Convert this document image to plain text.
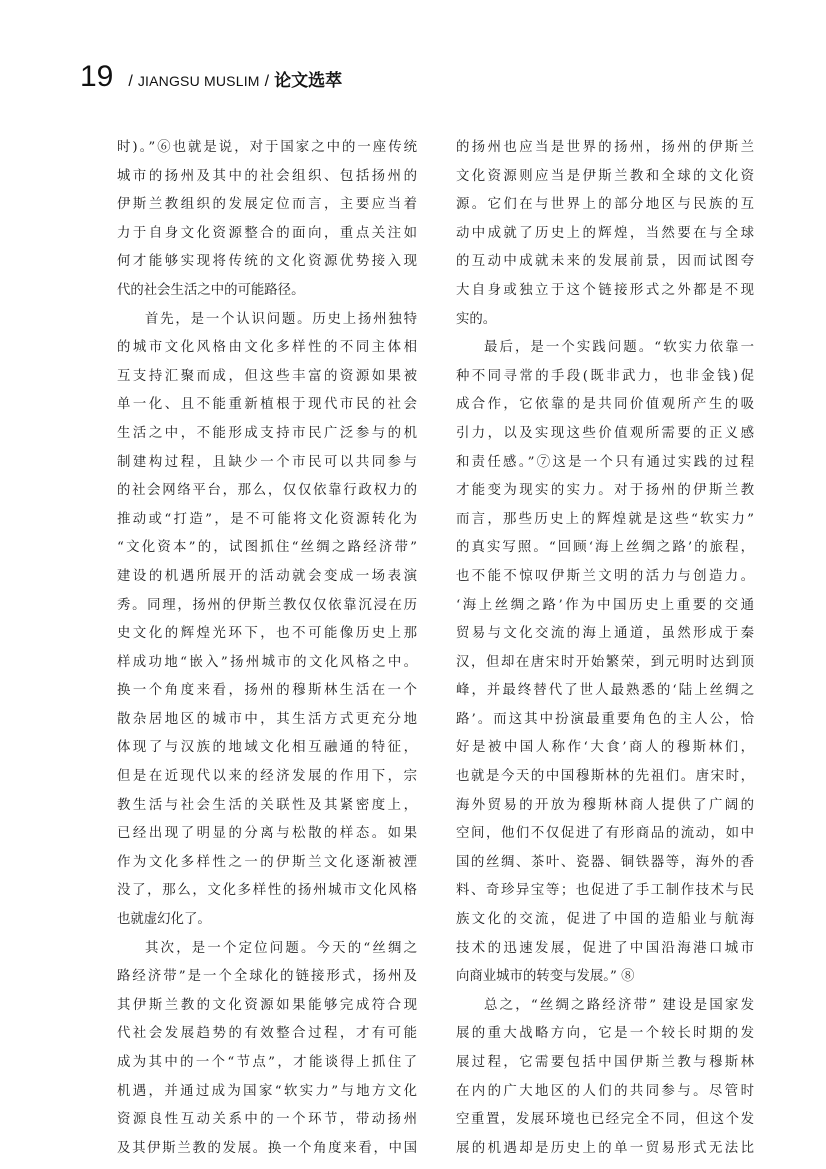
19 / JIANGSU MUSLIM / 论文选萃
时)。”⑥也就是说，对于国家之中的一座传统
城市的扬州及其中的社会组织、包括扬州的
伊斯兰教组织的发展定位而言，主要应当着
力于自身文化资源整合的面向，重点关注如
何才能够实现将传统的文化资源优势接入现
代的社会生活之中的可能路径。
首先，是一个认识问题。历史上扬州独特
的城市文化风格由文化多样性的不同主体相
互支持汇聚而成，但这些丰富的资源如果被
单一化、且不能重新植根于现代市民的社会
生活之中，不能形成支持市民广泛参与的机
制建构过程，且缺少一个市民可以共同参与
的社会网络平台，那么，仅仅依靠行政权力的
推动或“打造”，是不可能将文化资源转化为
“文化资本”的，试图抓住“丝绸之路经济带”
建设的机遇所展开的活动就会变成一场表演
秀。同理，扬州的伊斯兰教仅仅依靠沉浸在历
史文化的辉煌光环下，也不可能像历史上那
样成功地“嵌入”扬州城市的文化风格之中。
换一个角度来看，扬州的穆斯林生活在一个
散杂居地区的城市中，其生活方式更充分地
体现了与汉族的地域文化相互融通的特征，
但是在近现代以来的经济发展的作用下，宗
教生活与社会生活的关联性及其紧密度上，
已经出现了明显的分离与松散的样态。如果
作为文化多样性之一的伊斯兰文化逐渐被湮
没了，那么，文化多样性的扬州城市文化风格
也就虚幻化了。
其次，是一个定位问题。今天的“丝绸之
路经济带”是一个全球化的链接形式，扬州及
其伊斯兰教的文化资源如果能够完成符合现
代社会发展趋势的有效整合过程，才有可能
成为其中的一个“节点”，才能谈得上抓住了
机遇，并通过成为国家“软实力”与地方文化
资源良性互动关系中的一个环节，带动扬州
及其伊斯兰教的发展。换一个角度来看，中国
的扬州也应当是世界的扬州，扬州的伊斯兰
文化资源则应当是伊斯兰教和全球的文化资
源。它们在与世界上的部分地区与民族的互
动中成就了历史上的辉煌，当然要在与全球
的互动中成就未来的发展前景，因而试图夸
大自身或独立于这个链接形式之外都是不现
实的。
最后，是一个实践问题。“软实力依靠一
种不同寻常的手段(既非武力，也非金钱)促
成合作，它依靠的是共同价值观所产生的吸
引力，以及实现这些价值观所需要的正义感
和责任感。”⑦这是一个只有通过实践的过程
才能变为现实的实力。对于扬州的伊斯兰教
而言，那些历史上的辉煌就是这些“软实力”
的真实写照。“回顾‘海上丝绸之路’的旅程，
也不能不惊叹伊斯兰文明的活力与创造力。
‘海上丝绸之路’作为中国历史上重要的交通
贸易与文化交流的海上通道，虽然形成于秦
汉，但却在唐宋时开始繁荣，到元明时达到顶
峰，并最终替代了世人最熟悉的‘陆上丝绸之
路’。而这其中扮演最重要角色的主人公，恰
好是被中国人称作‘大食’商人的穆斯林们，
也就是今天的中国穆斯林的先祖们。唐宋时，
海外贸易的开放为穆斯林商人提供了广阔的
空间，他们不仅促进了有形商品的流动，如中
国的丝绸、茶叶、瓷器、铜铁器等，海外的香
料、奇珍异宝等；也促进了手工制作技术与民
族文化的交流，促进了中国的造船业与航海
技术的迅速发展，促进了中国沿海港口城市
向商业城市的转变与发展。” ⑧
总之，“丝绸之路经济带” 建设是国家发
展的重大战略方向，它是一个较长时期的发
展过程，它需要包括中国伊斯兰教与穆斯林
在内的广大地区的人们的共同参与。尽管时
空重置，发展环境也已经完全不同，但这个发
展的机遇却是历史上的单一贸易形式无法比
